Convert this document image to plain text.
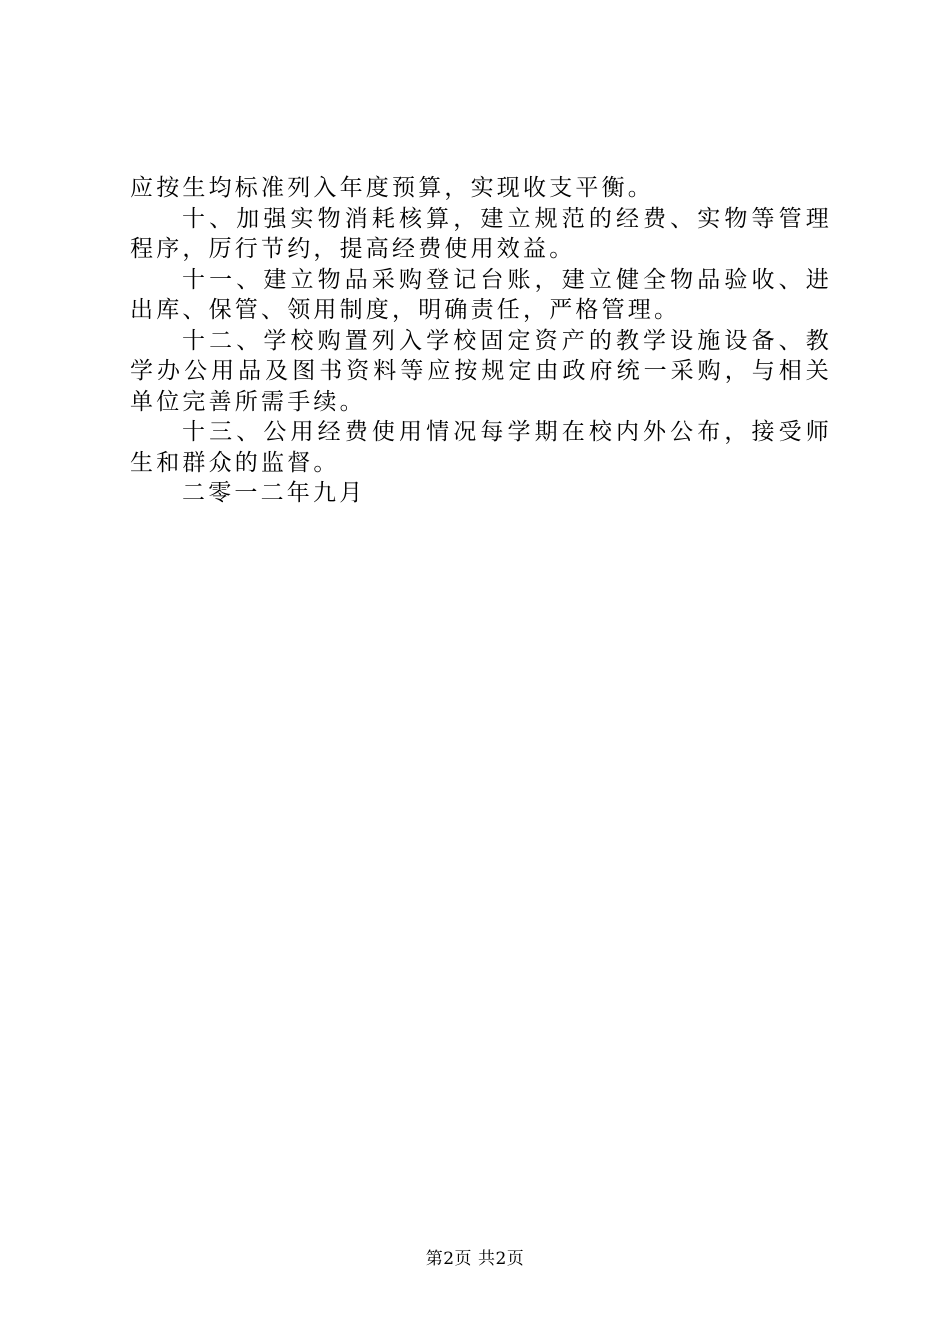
应按生均标准列入年度预算，实现收支平衡。

十、加强实物消耗核算，建立规范的经费、实物等管理程序，厉行节约，提高经费使用效益。

十一、建立物品采购登记台账，建立健全物品验收、进出库、保管、领用制度，明确责任，严格管理。

十二、学校购置列入学校固定资产的教学设施设备、教学办公用品及图书资料等应按规定由政府统一采购，与相关单位完善所需手续。

十三、公用经费使用情况每学期在校内外公布，接受师生和群众的监督。

二零一二年九月

第2页 共2页
